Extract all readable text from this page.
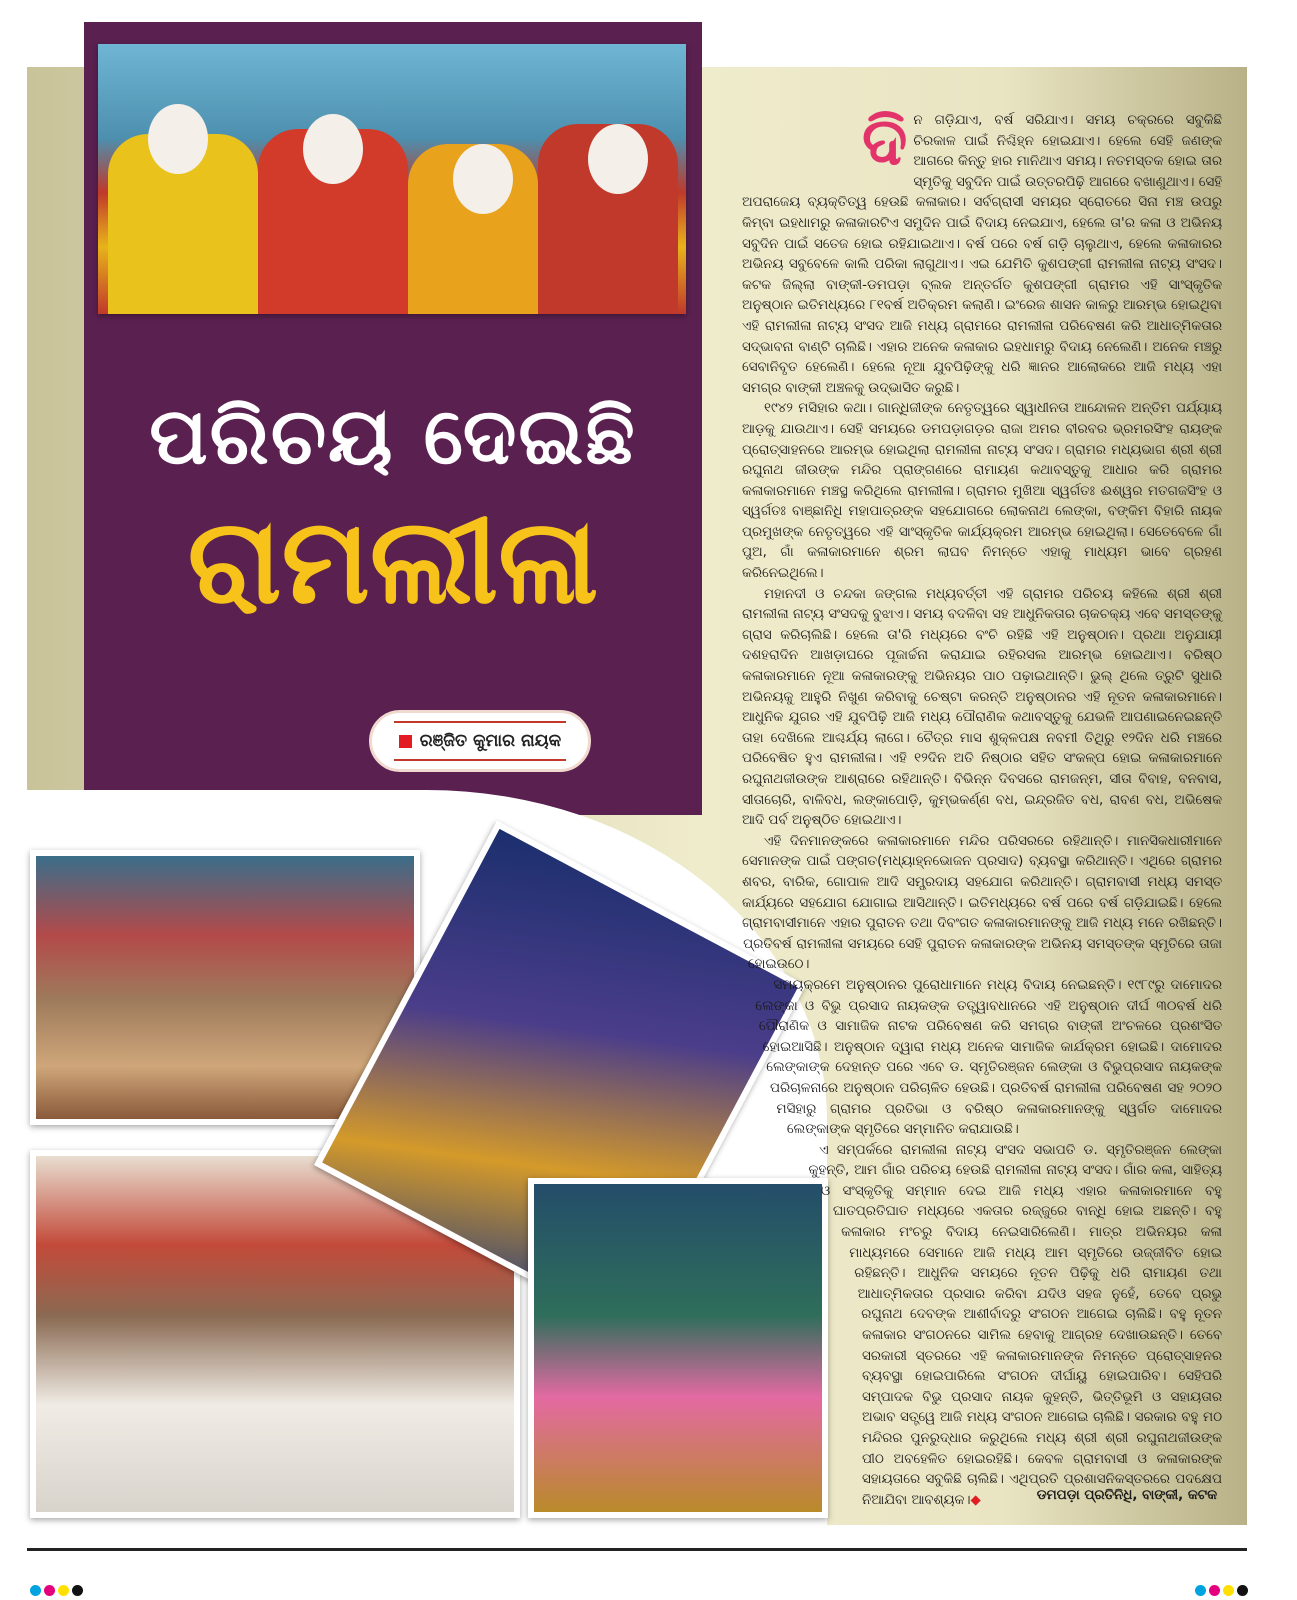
ପରିଚୟ ଦେଇଛି
ରାମଲୀଳା
ରଞ୍ଜିତ କୁମାର ନାୟକ
ଦି ନ ଗଡ଼ିଯାଏ, ବର୍ଷ ସରିଯାଏ। ସମୟ ଚକ୍ରରେ ସବୁକିଛି ଚିରକାଳ ପାଇଁ ନିଶ୍ଚିହ୍ନ ହୋଇଯାଏ। ହେଲେ ସେହି ଜଣଙ୍କ ଆଗରେ କିନ୍ତୁ ହାର ମାନିଥାଏ ସମୟ। ନତମସ୍ତକ ହୋଇ ତାର ସ୍ମୃତିକୁ ସବୁଦିନ ପାଇଁ ଉତ୍ତରପିଢ଼ି ଆଗରେ ବଖାଣୁଥାଏ। ସେହି ଅପରାଜେୟ ବ୍ୟକ୍ତିତ୍ୱ ହେଉଛି କଳାକାର। ସର୍ବଗ୍ରାସୀ ସମୟର ସ୍ରୋତରେ ସିନା ମଞ୍ଚ ଉପରୁ କିମ୍ବା ଇହଧାମରୁ କଳାକାରଟିଏ ସମୁଦିନ ପାଇଁ ବିଦାୟ ନେଇଯାଏ, ହେଲେ ତା'ର କଳା ଓ ଅଭିନୟ ସବୁଦିନ ପାଇଁ ସତେଜ ହୋଇ ରହିଯାଇଥାଏ। ବର୍ଷ ପରେ ବର୍ଷ ଗଡ଼ି ଚାଲୁଥାଏ, ହେଲେ କଳାକାରର ଅଭିନୟ ସବୁବେଳେ କାଲି ପରିକା ଲାଗୁଥାଏ। ଏଇ ଯେମିତି କୁଶପଙ୍ଗୀ ରାମଲୀଳା ନାଟ୍ୟ ସଂସଦ। କଟକ ଜିଲ୍ଲା ବାଙ୍କୀ-ଡମପଡ଼ା ବ୍ଲକ ଅନ୍ତର୍ଗତ କୁଶପଙ୍ଗୀ ଗ୍ରାମର ଏହି ସାଂସ୍କୃତିକ ଅନୁଷ୍ଠାନ ଇତିମଧ୍ୟରେ ୮୧ବର୍ଷ ଅତିକ୍ରମ କଲାଣି। ଇଂରେଜ ଶାସନ କାଳରୁ ଆରମ୍ଭ ହୋଇଥିବା ଏହି ରାମଲୀଳା ନାଟ୍ୟ ସଂସଦ ଆଜି ମଧ୍ୟ ଗ୍ରାମରେ ରାମଲୀଳା ପରିବେଷଣ କରି ଆଧାତ୍ମିକତାର ସଦ୍ଭାବନା ବାଣ୍ଟି ଚାଲିଛି। ଏହାର ଅନେକ କଳାକାର ଇହଧାମରୁ ବିଦାୟ ନେଲେଣି। ଅନେକ ମଞ୍ଚରୁ ସେବାନିବୃତ ହେଲେଣି। ହେଲେ ନୂଆ ଯୁବପିଢ଼ିଙ୍କୁ ଧରି ଜ୍ଞାନର ଆଲୋକରେ ଆଜି ମଧ୍ୟ ଏହା ସମଗ୍ର ବାଙ୍କୀ ଅଞ୍ଚଳକୁ ଉଦ୍ଭାସିତ କରୁଛି।

୧୯୪୨ ମସିହାର କଥା। ଗାନ୍ଧିଜୀଙ୍କ ନେତୃତ୍ୱରେ ସ୍ୱାଧୀନତା ଆନ୍ଦୋଳନ ଅନ୍ତିମ ପର୍ଯ୍ୟାୟ ଆଡ଼କୁ ଯାଉଥାଏ। ସେହି ସମୟରେ ଡମପଡ଼ାଗଡ଼ର ରାଜା ଅମର ବୀରବର ଭ୍ରମରସିଂହ ରାୟଙ୍କ ପ୍ରୋତ୍ସାହନରେ ଆରମ୍ଭ ହୋଇଥିଲା ରାମଲୀଳା ନାଟ୍ୟ ସଂସଦ। ଗ୍ରାମର ମଧ୍ୟଭାଗ ଶ୍ରୀ ଶ୍ରୀ ରଘୁନାଥ ଜୀଉଙ୍କ ମନ୍ଦିର ପ୍ରାଙ୍ଗଣରେ ରାମାୟଣ କଥାବସ୍ତୁକୁ ଆଧାର କରି ଗ୍ରାମର କଳାକାରମାନେ ମଞ୍ଚସ୍ଥ କରିଥିଲେ ରାମଲୀଳା। ଗ୍ରାମର ମୁଖିଆ ସ୍ୱର୍ଗତଃ ଈଶ୍ୱର ମତଗଜସିଂହ ଓ ସ୍ୱର୍ଗତଃ ବାଞ୍ଛାନିଧି ମହାପାତ୍ରଙ୍କ ସହଯୋଗରେ ଲୋକନାଥ ଲେଙ୍କା, ବଙ୍କିମ ବିହାରି ନାୟକ ପ୍ରମୁଖଙ୍କ ନେତୃତ୍ୱରେ ଏହି ସାଂସ୍କୃତିକ କାର୍ଯ୍ୟକ୍ରମ ଆରମ୍ଭ ହୋଇଥିଲା। ସେତେବେଳେ ଗାଁ ପୁଅ, ଗାଁ କଳାକାରମାନେ ଶ୍ରମ ଲାଘବ ନିମନ୍ତେ ଏହାକୁ ମାଧ୍ୟମ ଭାବେ ଗ୍ରହଣ କରିନେଇଥିଲେ।

ମହାନଦୀ ଓ ଚନ୍ଦକା ଜଙ୍ଗଲ ମଧ୍ୟବର୍ତ୍ତୀ ଏହି ଗ୍ରାମର ପରିଚୟ କହିଲେ ଶ୍ରୀ ଶ୍ରୀ ରାମଲୀଳା ନାଟ୍ୟ ସଂସଦକୁ ବୁଝାଏ। ସମୟ ବଦଳିବା ସହ ଆଧୁନିକତାର ଚାକଚକ୍ୟ ଏବେ ସମସ୍ତଙ୍କୁ ଗ୍ରାସ କରିଚାଲିଛି। ହେଲେ ତା'ରି ମଧ୍ୟରେ ବଂଚି ରହିଛି ଏହି ଅନୁଷ୍ଠାନ। ପ୍ରଥା ଅନୁଯାୟୀ ଦଶହରାଦିନ ଆଖଡ଼ାଘରେ ପୂଜାର୍ଚ୍ଚନା କରାଯାଇ ରହିରସଲ ଆରମ୍ଭ ହୋଇଥାଏ। ବରିଷ୍ଠ କଳାକାରମାନେ ନୂଆ କଳାକାରଙ୍କୁ ଅଭିନୟର ପାଠ ପଢ଼ାଇଥାନ୍ତି। ଭୁଲ୍ ଥିଲେ ତ୍ରୁଟି ସୁଧାରି ଅଭିନୟକୁ ଆହୁରି ନିଖୁଣ କରିବାକୁ ଚେଷ୍ଟା କରନ୍ତି ଅନୁଷ୍ଠାନର ଏହି ନୂତନ କଳାକାରମାନେ। ଆଧୁନିକ ଯୁଗର ଏହି ଯୁବପିଢ଼ି ଆଜି ମଧ୍ୟ ପୌରାଣିକ କଥାବସ୍ତୁକୁ ଯେଭଳି ଆପଣାଇନେଇଛନ୍ତି ତାହା ଦେଖିଲେ ଆଶ୍ଚର୍ଯ୍ୟ ଲାଗେ। ଚୈତ୍ର ମାସ ଶୁକ୍ଳପକ୍ଷ ନବମୀ ତିଥିରୁ ୧୨ଦିନ ଧରି ମଞ୍ଚରେ ପରିବେଷିତ ହୁଏ ରାମଲୀଳା। ଏହି ୧୨ଦିନ ଅତି ନିଷ୍ଠାର ସହିତ ସଂକଳ୍ପ ହୋଇ କଳାକାରମାନେ ରଘୁନାଥଜୀଉଙ୍କ ଆଶ୍ରାରେ ରହିଥାନ୍ତି। ବିଭିନ୍ନ ଦିବସରେ ରାମଜନ୍ମ, ସୀତା ବିବାହ, ବନବାସ, ସୀତାଚୋରି, ବାଳିବଧ, ଲଙ୍କାପୋଡ଼ି, କୁମ୍ଭକର୍ଣ୍ଣ ବଧ, ଇନ୍ଦ୍ରଜିତ ବଧ, ରାବଣ ବଧ, ଅଭିଷେକ ଆଦି ପର୍ବ ଅନୁଷ୍ଠିତ ହୋଇଥାଏ।

ଏହି ଦିନମାନଙ୍କରେ କଳାକାରମାନେ ମନ୍ଦିର ପରିସରରେ ରହିଥାନ୍ତି। ମାନସିକଧାରୀମାନେ ସେମାନଙ୍କ ପାଇଁ ପଙ୍ଗତ(ମଧ୍ୟାହ୍ନଭୋଜନ ପ୍ରସାଦ) ବ୍ୟବସ୍ଥା କରିଥାନ୍ତି। ଏଥିରେ ଗ୍ରାମର ଶବର, ବାରିକ, ଗୋପାଳ ଆଦି ସମ୍ପ୍ରଦାୟ ସହଯୋଗ କରିଥାନ୍ତି। ଗ୍ରାମବାସୀ ମଧ୍ୟ ସମସ୍ତ କାର୍ଯ୍ୟରେ ସହଯୋଗ ଯୋଗାଇ ଆସିଥାନ୍ତି। ଇତିମଧ୍ୟରେ ବର୍ଷ ପରେ ବର୍ଷ ଗଡ଼ିଯାଇଛି। ହେଲେ ଗ୍ରାମବାସୀମାନେ ଏହାର ପୁରାତନ ତଥା ଦିବଂଗତ କଳାକାରମାନଙ୍କୁ ଆଜି ମଧ୍ୟ ମନେ ରଖିଛନ୍ତି। ପ୍ରତିବର୍ଷ ରାମଲୀଳା ସମୟରେ ସେହି ପୁରାତନ କଳାକାରଙ୍କ ଅଭିନୟ ସମସ୍ତଙ୍କ ସ୍ମୃତିରେ ତାଜା ହୋଇଉଠେ।

ସମୟକ୍ରମେ ଅନୁଷ୍ଠାନର ପୁରୋଧାମାନେ ମଧ୍ୟ ବିଦାୟ ନେଇଛନ୍ତି। ୧୯୮୯ରୁ ଦାମୋଦର ଲେଙ୍କା ଓ ବିଭୁ ପ୍ରସାଦ ନାୟକଙ୍କ ତତ୍ତ୍ୱାବଧାନରେ ଏହି ଅନୁଷ୍ଠାନ ଦୀର୍ଘ ୩୦ବର୍ଷ ଧରି ପୌରାଣିକ ଓ ସାମାଜିକ ନାଟକ ପରିବେଷଣ କରି ସମଗ୍ର ବାଙ୍କୀ ଅଂଚଳରେ ପ୍ରଶଂସିତ ହୋଇଆସିଛି। ଅନୁଷ୍ଠାନ ଦ୍ୱାରା ମଧ୍ୟ ଅନେକ ସାମାଜିକ କାର୍ଯକ୍ରମ ହୋଇଛି। ଦାମୋଦର ଲେଙ୍କାଙ୍କ ଦେହାନ୍ତ ପରେ ଏବେ ଡ. ସ୍ମୃତିରଞ୍ଜନ ଲେଙ୍କା ଓ ବିଭୁପ୍ରସାଦ ନାୟକଙ୍କ ପରିଚାଳନାରେ ଅନୁଷ୍ଠାନ ପରିଚାଳିତ ହେଉଛି। ପ୍ରତିବର୍ଷ ରାମଲୀଳା ପରିବେଷଣ ସହ ୨୦୨୦ ମସିହାରୁ ଗ୍ରାମର ପ୍ରତିଭା ଓ ବରିଷ୍ଠ କଳାକାରମାନଙ୍କୁ ସ୍ୱର୍ଗତ ଦାମୋଦର ଲେଙ୍କାଙ୍କ ସ୍ମୃତିରେ ସମ୍ମାନିତ କରାଯାଉଛି।

ଏ ସମ୍ପର୍କରେ ରାମଲୀଳା ନାଟ୍ୟ ସଂସଦ ସଭାପତି ଡ. ସ୍ମୃତିରଞ୍ଜନ ଲେଙ୍କା କୁହନ୍ତି, ଆମ ଗାଁର ପରିଚୟ ହେଉଛି ରାମଲୀଳା ନାଟ୍ୟ ସଂସଦ। ଗାଁର କଳା, ସାହିତ୍ୟ ଓ ସଂସ୍କୃତିକୁ ସମ୍ମାନ ଦେଇ ଆଜି ମଧ୍ୟ ଏହାର କଳାକାରମାନେ ବହୁ ଘାତପ୍ରତିଘାତ ମଧ୍ୟରେ ଏକତାର ରଜ୍ଜୁରେ ବାନ୍ଧି ହୋଇ ଅଛନ୍ତି। ବହୁ କଳାକାର ମଂଚରୁ ବିଦାୟ ନେଇସାରିଲେଣି। ମାତ୍ର ଅଭିନୟର କଳା ମାଧ୍ୟମରେ ସେମାନେ ଆଜି ମଧ୍ୟ ଆମ ସ୍ମୃତିରେ ଉଜ୍ଜୀବିତ ହୋଇ ରହିଛନ୍ତି। ଆଧୁନିକ ସମୟରେ ନୂତନ ପିଢ଼ିକୁ ଧରି ରାମାୟଣ ତଥା ଆଧାତ୍ମିକତାର ପ୍ରସାର କରିବା ଯଦିଓ ସହଜ ନୁହେଁ, ତେବେ ପ୍ରଭୁ ରଘୁନାଥ ଦେବଙ୍କ ଆଶୀର୍ବାଦରୁ ସଂଗଠନ ଆଗେଇ ଚାଲିଛି। ବହୁ ନୂତନ କଳାକାର ସଂଗଠନରେ ସାମିଲ ହେବାକୁ ଆଗ୍ରହ ଦେଖାଉଛନ୍ତି। ତେବେ ସରକାରୀ ସ୍ତରରେ ଏହି କଳାକାରମାନଙ୍କ ନିମନ୍ତେ ପ୍ରୋତ୍ସାହନର ବ୍ୟବସ୍ଥା ହୋଇପାରିଲେ ସଂଗଠନ ଦୀର୍ଘାୟୁ ହୋଇପାରିବ। ସେହିପରି ସମ୍ପାଦକ ବିଭୁ ପ୍ରସାଦ ନାୟକ କୁହନ୍ତି, ଭିତ୍ତିଭୂମି ଓ ସହାୟତାର ଅଭାବ ସତ୍ତ୍ୱେ ଆଜି ମଧ୍ୟ ସଂଗଠନ ଆଗେଇ ଚାଲିଛି। ସରକାର ବହୁ ମଠ ମନ୍ଦିରର ପୁନରୁଦ୍ଧାର କରୁଥିଲେ ମଧ୍ୟ ଶ୍ରୀ ଶ୍ରୀ ରଘୁନାଥଜୀଉଙ୍କ ପୀଠ ଅବହେଳିତ ହୋଇରହିଛି। କେବଳ ଗ୍ରାମବାସୀ ଓ କଳାକାରଙ୍କ ସହାୟତାରେ ସବୁକିଛି ଚାଲିଛି। ଏଥିପ୍ରତି ପ୍ରଶାସନିକସ୍ତରରେ ପଦକ୍ଷେପ ନିଆଯିବା ଆବଶ୍ୟକ।◆	ଡମପଡ଼ା ପ୍ରତିନିଧି, ବାଙ୍କୀ, କଟକ
